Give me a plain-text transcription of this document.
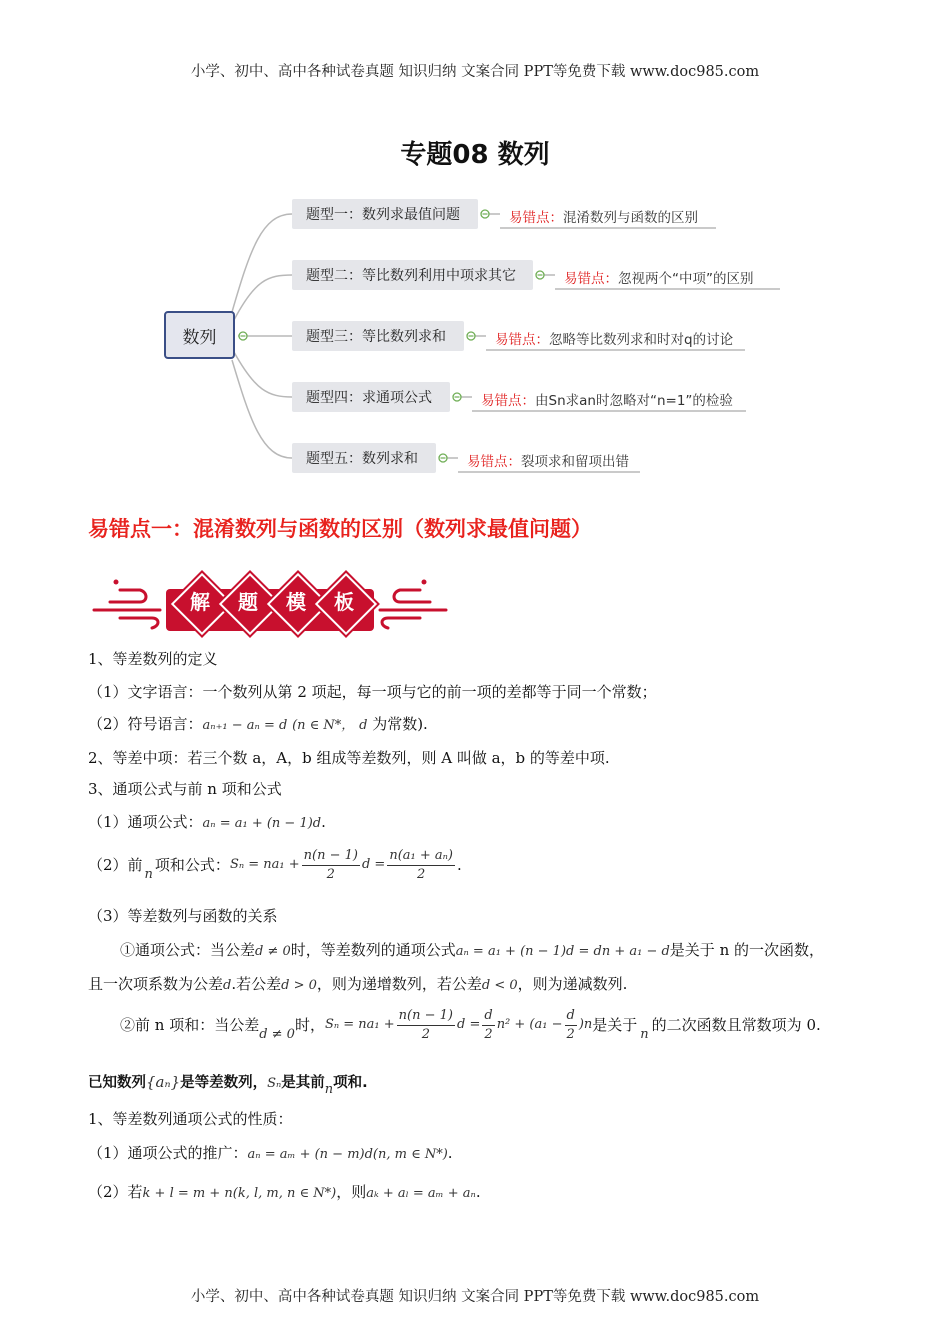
小学、初中、高中各种试卷真题 知识归纳 文案合同 PPT等免费下载 www.doc985.com
小学、初中、高中各种试卷真题 知识归纳 文案合同 PPT等免费下载 www.doc985.com
专题08 数列
数列
题型一：数列求最值问题	易错点：混淆数列与函数的区别
题型二：等比数列利用中项求其它	易错点：忽视两个“中项”的区别
题型三：等比数列求和	易错点：忽略等比数列求和时对q的讨论
题型四：求通项公式	易错点：由Sn求an时忽略对“n=1”的检验
题型五：数列求和	易错点：裂项求和留项出错
易错点一：混淆数列与函数的区别（数列求最值问题）
解	题	模	板
1、等差数列的定义
（1）文字语言：一个数列从第 2 项起，每一项与它的前一项的差都等于同一个常数；
（2）符号语言：aₙ₊₁ − aₙ = d (n ∈ N*， d 为常数).
2、等差中项：若三个数 a，A，b 组成等差数列，则 A 叫做 a，b 的等差中项.
3、通项公式与前 n 项和公式
（1）通项公式：aₙ = a₁ + (n − 1)d.
（2）前
n
项和公式： $S_n = na_1 + \frac{n(n - 1)}{2}$ $d = \frac{\text{n(a₁ + aₙ)}}{2}$ .
（3）等差数列与函数的关系
①通项公式：当公差d ≠ 0时，等差数列的通项公式aₙ = a₁ + (n − 1)d = dn + a₁ − d是关于 n 的一次函数，
且一次项系数为公差d.若公差d > 0，则为递增数列，若公差d < 0，则为递减数列.
②前 n 项和：当公差
d ≠ 0
时， $S_n = na_1 + \frac{n(n - 1)}{2}$ $d = \frac{d}{2} n^2 + (a_1 - \frac{d}{2} )n$ 是关于
n
的二次函数且常数项为 0.
已知数列{aₙ}是等差数列，Sₙ是其前n项和.
1、等差数列通项公式的性质：
（1）通项公式的推广：aₙ = aₘ + (n − m)d(n, m ∈ N*).
（2）若k + l = m + n(k, l, m, n ∈ N*)，则aₖ + aₗ = aₘ + aₙ.
